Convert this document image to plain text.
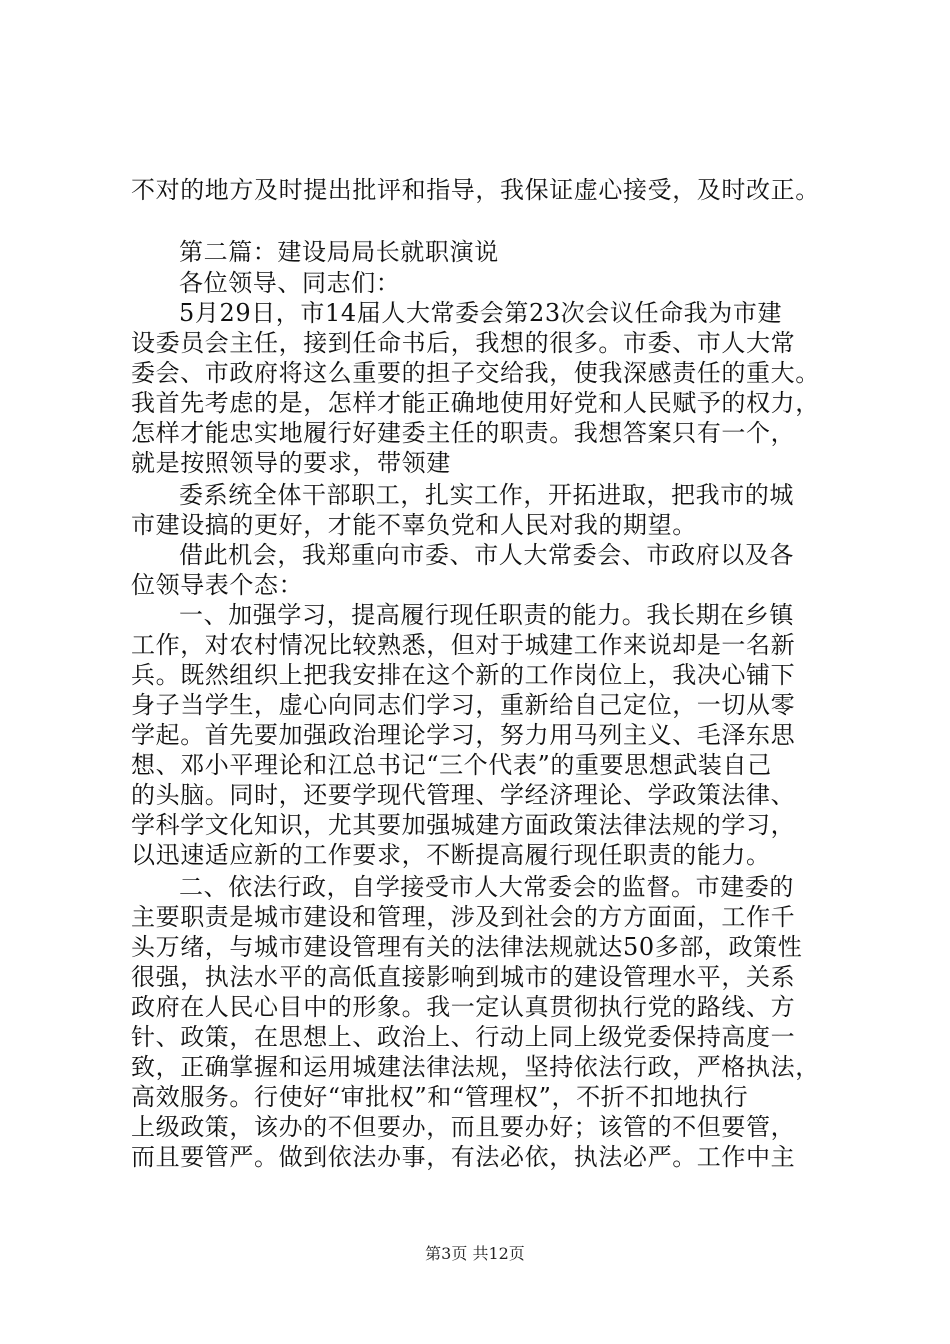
不对的地方及时提出批评和指导，我保证虚心接受，及时改正。
第二篇：建设局局长就职演说
各位领导、同志们：
5月29日，市14届人大常委会第23次会议任命我为市建
设委员会主任，接到任命书后，我想的很多。市委、市人大常
委会、市政府将这么重要的担子交给我，使我深感责任的重大。
我首先考虑的是，怎样才能正确地使用好党和人民赋予的权力，
怎样才能忠实地履行好建委主任的职责。我想答案只有一个，
就是按照领导的要求，带领建
委系统全体干部职工，扎实工作，开拓进取，把我市的城
市建设搞的更好，才能不辜负党和人民对我的期望。
借此机会，我郑重向市委、市人大常委会、市政府以及各
位领导表个态：
一、加强学习，提高履行现任职责的能力。我长期在乡镇
工作，对农村情况比较熟悉，但对于城建工作来说却是一名新
兵。既然组织上把我安排在这个新的工作岗位上，我决心铺下
身子当学生，虚心向同志们学习，重新给自己定位，一切从零
学起。首先要加强政治理论学习，努力用马列主义、毛泽东思
想、邓小平理论和江总书记“三个代表”的重要思想武装自己
的头脑。同时，还要学现代管理、学经济理论、学政策法律、
学科学文化知识，尤其要加强城建方面政策法律法规的学习，
以迅速适应新的工作要求，不断提高履行现任职责的能力。
二、依法行政，自学接受市人大常委会的监督。市建委的
主要职责是城市建设和管理，涉及到社会的方方面面，工作千
头万绪，与城市建设管理有关的法律法规就达50多部，政策性
很强，执法水平的高低直接影响到城市的建设管理水平，关系
政府在人民心目中的形象。我一定认真贯彻执行党的路线、方
针、政策，在思想上、政治上、行动上同上级党委保持高度一
致，正确掌握和运用城建法律法规，坚持依法行政，严格执法，
高效服务。行使好“审批权”和“管理权”，不折不扣地执行
上级政策，该办的不但要办，而且要办好；该管的不但要管，
而且要管严。做到依法办事，有法必依，执法必严。工作中主
第3页 共12页
